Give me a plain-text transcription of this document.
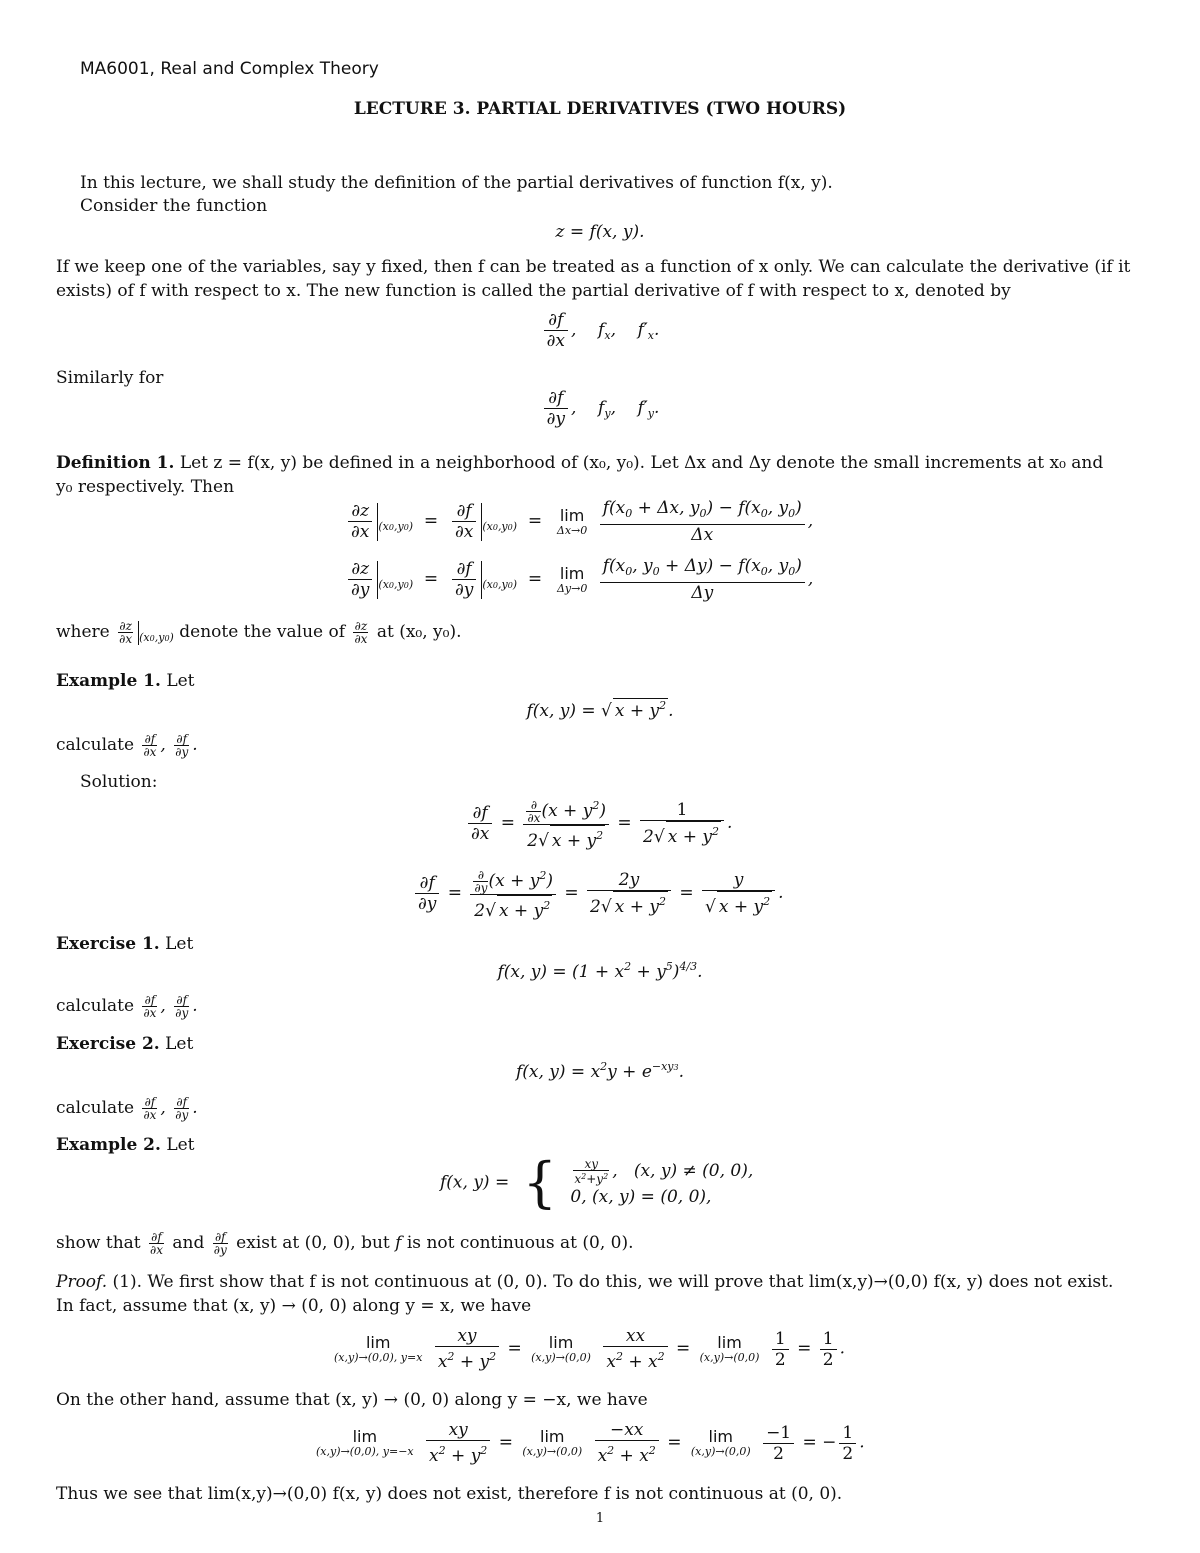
MA6001, Real and Complex Theory
LECTURE 3. PARTIAL DERIVATIVES (TWO HOURS)
In this lecture, we shall study the definition of the partial derivatives of function f(x, y).
Consider the function
z = f(x, y).
If we keep one of the variables, say y fixed, then f can be treated as a function of x only. We can calculate the derivative (if it
exists) of f with respect to x. The new function is called the partial derivative of f with respect to x, denoted by
$\frac{\partial f}{\partial x}$ ,    $f_x$,    $f'_x$.
Similarly for
$\frac{\partial f}{\partial y}$ ,    $f_y$,    $f'_y$.
Definition 1. Let z = f(x, y) be defined in a neighborhood of (x₀, y₀). Let Δx and Δy denote the small increments at x₀ and
y₀ respectively. Then
$\frac{\partial z}{\partial x} _{(x0,y0)} = \frac{\partial f}{\partial x} _{(x0,y0)} = \lim$
Δx→0
$\frac{f(x_0 + \Delta x, y_0) - f(x_0, y_0)}{\Delta x}$ ,
$\frac{\partial z}{\partial y} _{(x0,y0)} = \frac{\partial f}{\partial y} _{(x0,y0)} = \lim$
Δy→0
$\frac{f(x_0, y_0 + \Delta y) - f(x_0, y_0)}{\Delta y}$ ,
where $\frac{\partial z}{\partial x} _{(x0,y0)}$ denote the value of $\frac{\partial z}{\partial x}$ at (x₀, y₀).
Example 1. Let
f(x, y) = √ $x + y^2$ .
calculate $\frac{\partial f}{\partial x}$ , $\frac{\partial f}{\partial y}$ .
Solution:
$\frac{\partial f}{\partial x} = \frac{\frac{\partial}{\partial x} (x + y^2)}{2√ x + y^2} = \frac{1}{2√ x + y^2}$ .
$\frac{\partial f}{\partial y} = \frac{\frac{\partial}{\partial y} (x + y^2)}{2√ x + y^2} = \frac{2y}{2√ x + y^2} = \frac{y}{√ x + y^2}$ .
Exercise 1. Let
f(x, $y) = (1 + x^2 + y^5)^{4/3}$.
calculate $\frac{\partial f}{\partial x}$ , $\frac{\partial f}{\partial y}$ .
Exercise 2. Let
f(x, $y) = x^2y + e^{-xy3}$.
calculate $\frac{\partial f}{\partial x}$ , $\frac{\partial f}{\partial y}$ .
Example 2. Let
f(x, y) = { $\frac{xy}{x^2+y^2}$ ,   (x, y) ≠ (0, 0),
0, (x, y) = (0, 0),
show that $\frac{\partial f}{\partial x}$ and $\frac{\partial f}{\partial y}$ exist at (0, 0), but f is not continuous at (0, 0).
Proof. (1). We first show that f is not continuous at (0, 0). To do this, we will prove that lim(x,y)→(0,0) f(x, y) does not exist.
In fact, assume that (x, y) → (0, 0) along y = x, we have
lim
(x,y)→(0,0), y=x
$\frac{xy}{x^2 + y^2}$ =	lim
(x,y)→(0,0)
$\frac{xx}{x^2 + x^2}$ =	lim
(x,y)→(0,0)
$\frac{1}{2} = \frac{1}{2}$ .
On the other hand, assume that (x, y) → (0, 0) along y = −x, we have
lim
(x,y)→(0,0), y=−x
$\frac{xy}{x^2 + y^2}$ =	lim
(x,y)→(0,0)
$\frac{-xx}{x^2 + x^2}$ =	lim
(x,y)→(0,0)
$\frac{-1}{2}$ = − $\frac{1}{2}$ .
Thus we see that lim(x,y)→(0,0) f(x, y) does not exist, therefore f is not continuous at (0, 0).
1
